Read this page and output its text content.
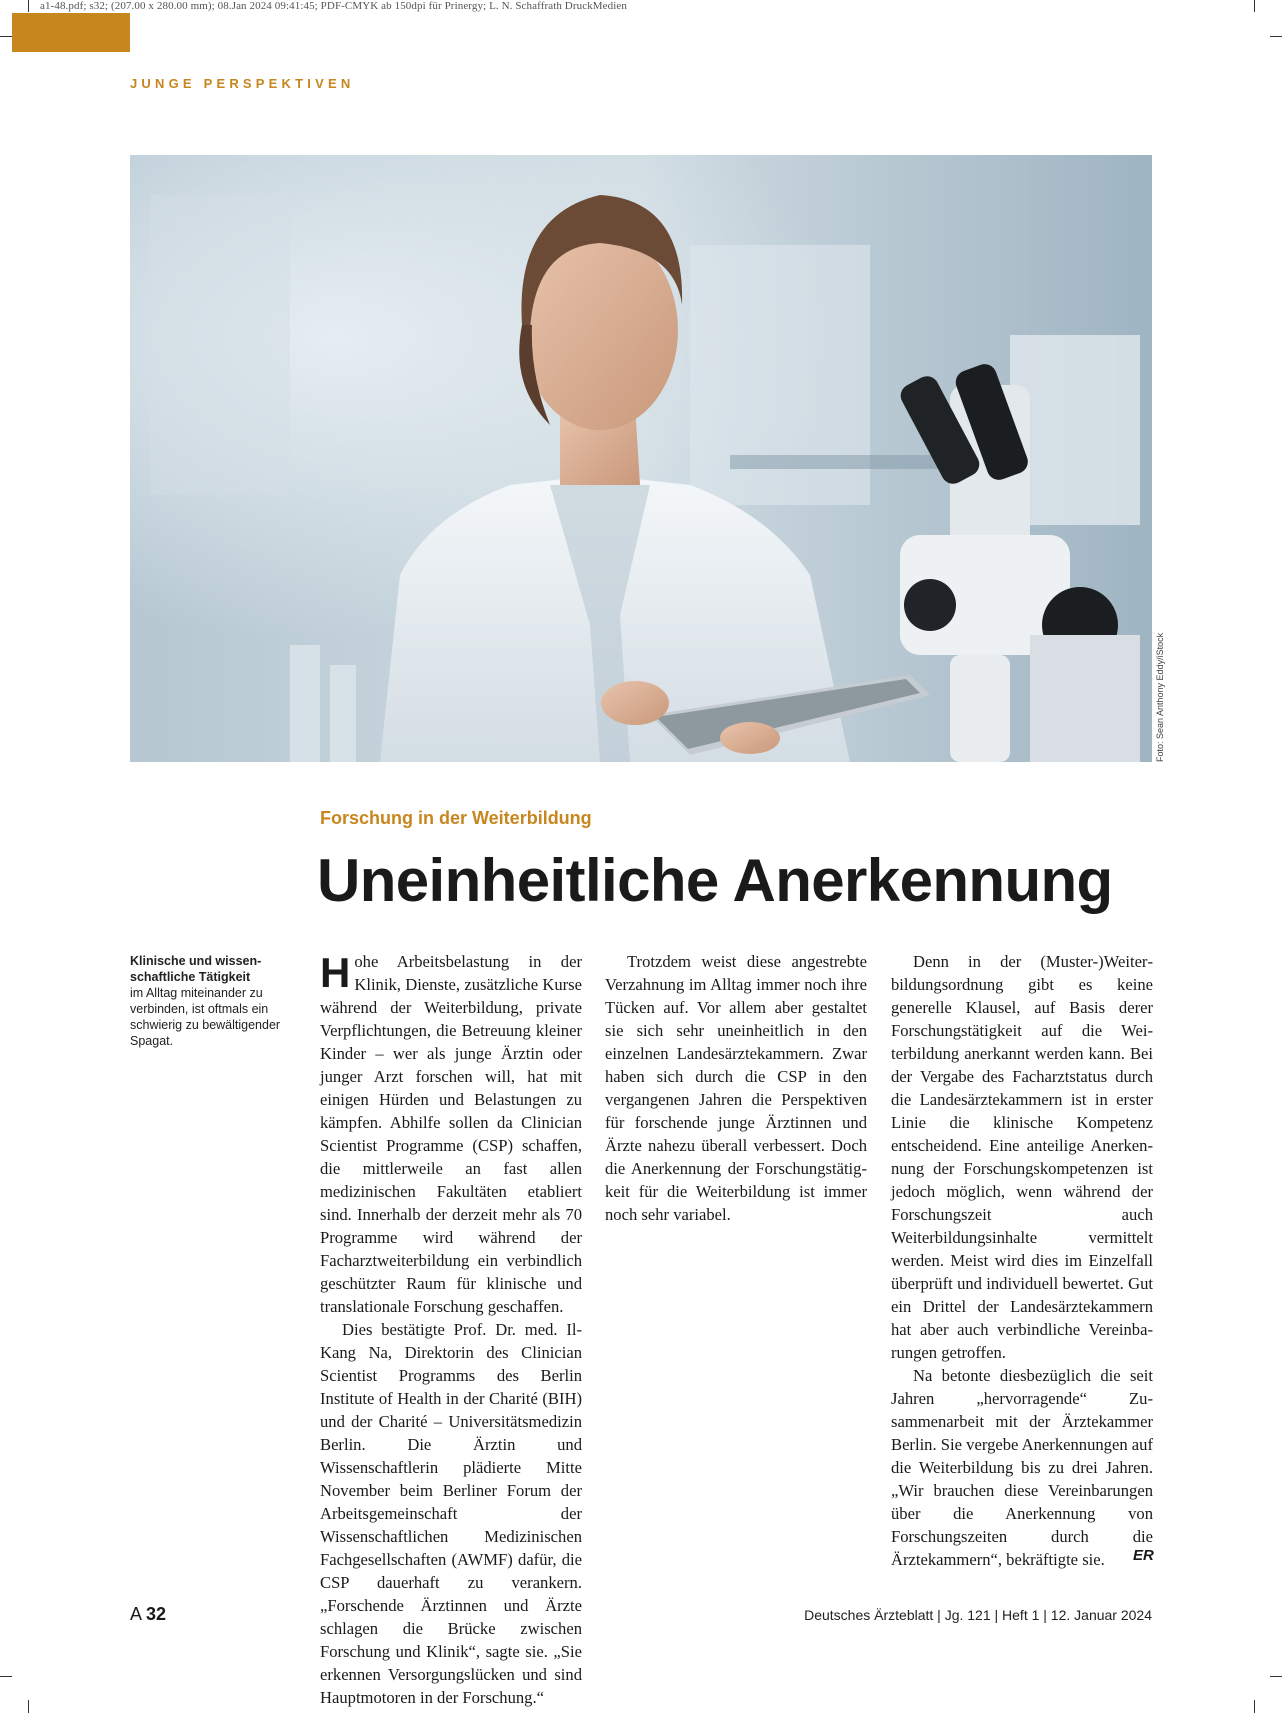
a1-48.pdf; s32; (207.00 x 280.00 mm); 08.Jan 2024 09:41:45; PDF-CMYK ab 150dpi für Prinergy; L. N. Schaffrath DruckMedien
JUNGE PERSPEKTIVEN
Foto: Sean Anthony Eddy/iStock
Forschung in der Weiterbildung
Uneinheitliche Anerkennung
Klinische und wissen-schaftliche Tätigkeit
im Alltag miteinander zu verbinden, ist oftmals ein schwierig zu bewältigender Spagat.

Hohe Arbeitsbelastung in der Klinik, Dienste, zusätzliche Kurse während der Weiterbildung, private Verpflichtungen, die Betreuung kleiner Kinder – wer als junge Ärztin oder junger Arzt forschen will, hat mit einigen Hürden und Belastungen zu kämpfen. Abhilfe sollen da Clinician Scientist Programme (CSP) schaffen, die mittlerweile an fast allen medizinischen Fakultäten etabliert sind. Innerhalb der derzeit mehr als 70 Programme wird während der Facharztweiterbildung ein verbindlich geschützter Raum für klinische und translationale Forschung geschaffen.

Dies bestätigte Prof. Dr. med. Il-Kang Na, Direktorin des Clinician Scientist Programms des Berlin Institute of Health in der Charité (BIH) und der Charité – Universitätsmedizin Berlin. Die Ärztin und Wissenschaftlerin plädierte Mitte November beim Berliner Forum der Arbeitsgemeinschaft der Wissenschaftlichen Medizinischen Fachgesellschaften (AWMF) dafür, die CSP dauerhaft zu verankern. „Forschende Ärztinnen und Ärzte schlagen die Brücke zwischen Forschung und Klinik“, sagte sie. „Sie erkennen Versorgungslücken und sind Hauptmotoren in der Forschung.“

Trotzdem weist diese angestrebte Verzahnung im Alltag immer noch ihre Tücken auf. Vor allem aber gestaltet sie sich sehr uneinheitlich in den einzelnen Landesärztekammern. Zwar haben sich durch die CSP in den vergangenen Jahren die Perspektiven für forschende junge Ärztinnen und Ärzte nahezu überall verbessert. Doch die Anerkennung der Forschungstätigkeit für die Weiterbildung ist immer noch sehr variabel.

Denn in der (Muster-)Weiterbildungsordnung gibt es keine generelle Klausel, auf Basis derer Forschungstätigkeit auf die Weiterbildung anerkannt werden kann. Bei der Vergabe des Facharztstatus durch die Landesärztekammern ist in erster Linie die klinische Kompetenz entscheidend. Eine anteilige Anerkennung der Forschungskompetenzen ist jedoch möglich, wenn während der Forschungszeit auch Weiterbildungsinhalte vermittelt werden. Meist wird dies im Einzelfall überprüft und individuell bewertet. Gut ein Drittel der Landesärztekammern hat aber auch verbindliche Vereinbarungen getroffen.

Na betonte diesbezüglich die seit Jahren „hervorragende“ Zusammenarbeit mit der Ärztekammer Berlin. Sie vergebe Anerkennungen auf die Weiterbildung bis zu drei Jahren. „Wir brauchen diese Vereinbarungen über die Anerkennung von Forschungszeiten durch die Ärztekammern“, bekräftigte sie.	ER
A 32	Deutsches Ärzteblatt | Jg. 121 | Heft 1 | 12. Januar 2024
